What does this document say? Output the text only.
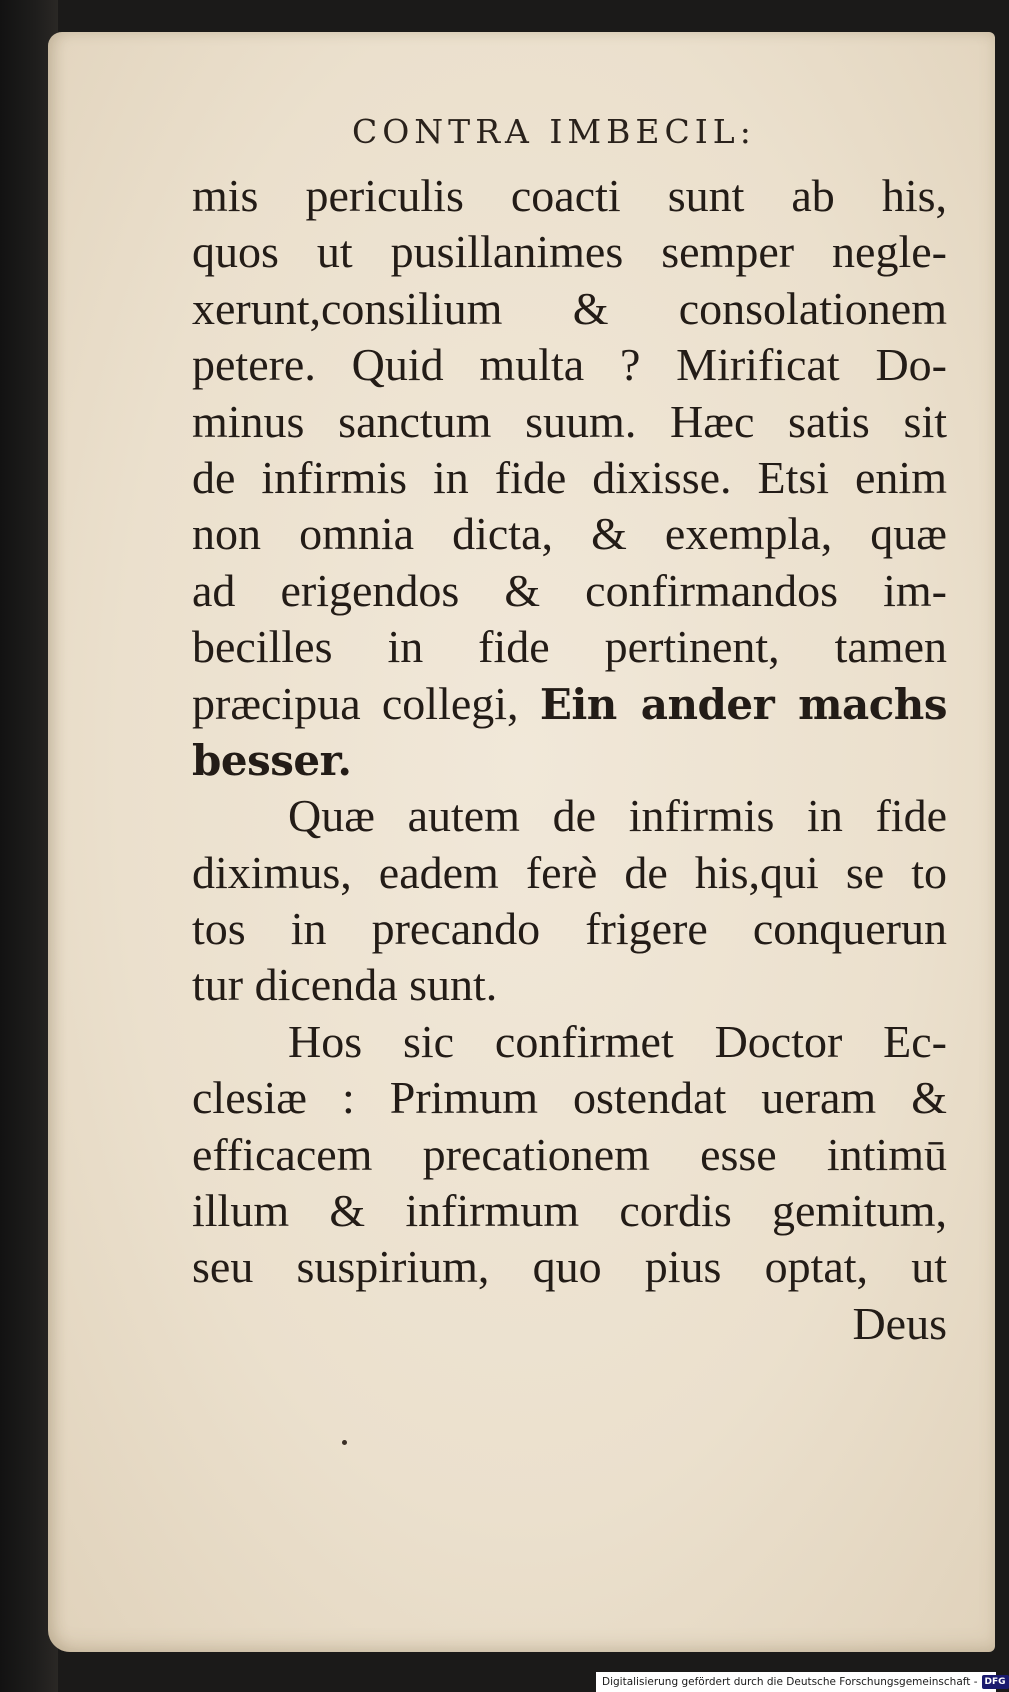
CONTRA IMBECIL:
mis periculis coacti sunt ab his,
quos ut pusillanimes semper negle-
xerunt,consilium & consolationem
petere. Quid multa ? Mirificat Do-
minus sanctum suum. Hæc satis sit
de infirmis in fide dixisse. Etsi enim
non omnia dicta, & exempla, quæ
ad erigendos & confirmandos im-
becilles in fide pertinent, tamen
præcipua collegi, Ein ander machs
besser.
Quæ autem de infirmis in fide
diximus, eadem ferè de his,qui se to
tos in precando frigere conquerun
tur dicenda sunt.
Hos sic confirmet Doctor Ec-
clesiæ : Primum ostendat ueram &
efficacem precationem esse intimū
illum & infirmum cordis gemitum,
seu suspirium, quo pius optat, ut
Deus
Digitalisierung gefördert durch die Deutsche Forschungsgemeinschaft - DFG
